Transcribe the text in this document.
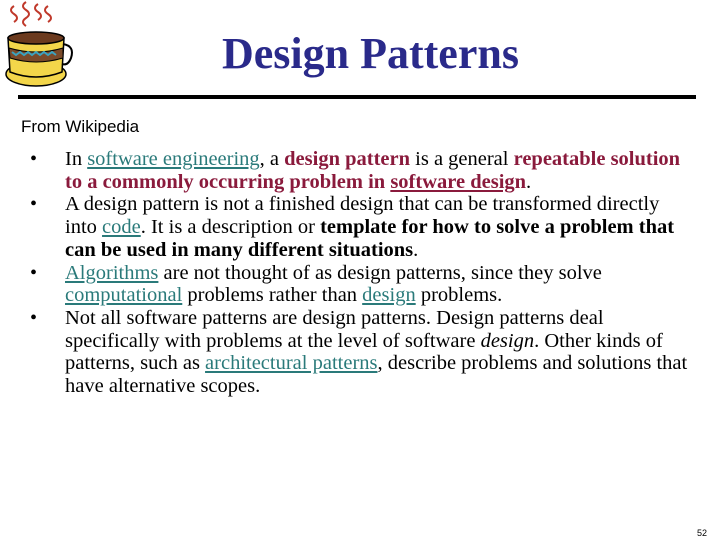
Design Patterns
From Wikipedia
• In software engineering, a design pattern is a general repeatable solution to a commonly occurring problem in software design.
• A design pattern is not a finished design that can be transformed directly into code. It is a description or template for how to solve a problem that can be used in many different situations.
• Algorithms are not thought of as design patterns, since they solve computational problems rather than design problems.
• Not all software patterns are design patterns. Design patterns deal specifically with problems at the level of software design. Other kinds of patterns, such as architectural patterns, describe problems and solutions that have alternative scopes.
52
